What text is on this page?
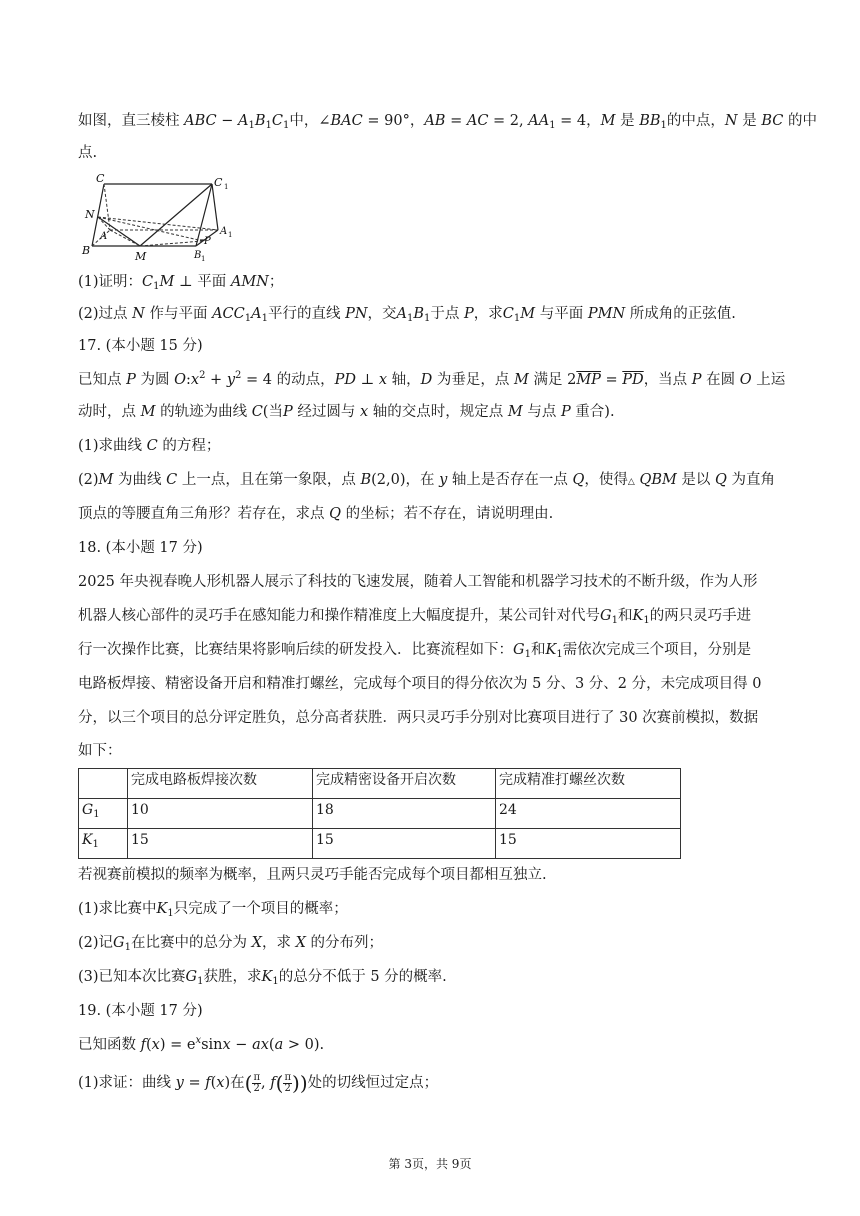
如图，直三棱柱 ABC − $A_1B_1C_1$中，∠BAC = 90°，AB = AC = 2, $AA_1 = 4$，M 是 $BB_1$的中点，N 是 BC 的中
点.
C	C 1
N
A	A 1
B	M
P
B 1
(1)证明：$C_1M$ ⊥ 平面 AMN；
(2)过点 N 作与平面 $ACC_1A_1$平行的直线 PN，交$A_1B_1$于点 P，求$C_1M$ 与平面 PMN 所成角的正弦值.
17. (本小题 15 分)
已知点 P 为圆 $O:x^2 + y^2 = 4$ 的动点，PD ⊥ x 轴，D 为垂足，点 M 满足 $2\overline{MP} = \overline{PD}$，当点 P 在圆 O 上运
动时，点 M 的轨迹为曲线 C(当P 经过圆与 x 轴的交点时，规定点 M 与点 P 重合).
(1)求曲线 C 的方程；
(2)M 为曲线 C 上一点，且在第一象限，点 B(2,0)，在 y 轴上是否存在一点 Q，使得△ QBM 是以 Q 为直角
顶点的等腰直角三角形？若存在，求点 Q 的坐标；若不存在，请说明理由.
18. (本小题 17 分)
2025 年央视春晚人形机器人展示了科技的飞速发展，随着人工智能和机器学习技术的不断升级，作为人形
机器人核心部件的灵巧手在感知能力和操作精准度上大幅度提升，某公司针对代号$G_1$和$K_1$的两只灵巧手进
行一次操作比赛，比赛结果将影响后续的研发投入．比赛流程如下：$G_1$和$K_1$需依次完成三个项目，分别是
电路板焊接、精密设备开启和精准打螺丝，完成每个项目的得分依次为 5 分、3 分、2 分，未完成项目得 0
分，以三个项目的总分评定胜负，总分高者获胜．两只灵巧手分别对比赛项目进行了 30 次赛前模拟，数据
如下：
	完成电路板焊接次数	完成精密设备开启次数	完成精准打螺丝次数
$G_1$	10	18	24
$K_1$	15	15	15
若视赛前模拟的频率为概率，且两只灵巧手能否完成每个项目都相互独立.
(1)求比赛中$K_1$只完成了一个项目的概率；
(2)记$G_1$在比赛中的总分为 X，求 X 的分布列；
(3)已知本次比赛$G_1$获胜，求$K_1$的总分不低于 5 分的概率.
19. (本小题 17 分)
已知函数 $f(x) = e^x\sin x - ax(a > 0)$.
(1)求证：曲线 y = f(x)在( $\frac{\pi}{2}$ , $f( \frac{\pi}{2}$ ))处的切线恒过定点；
第 3页，共 9页
